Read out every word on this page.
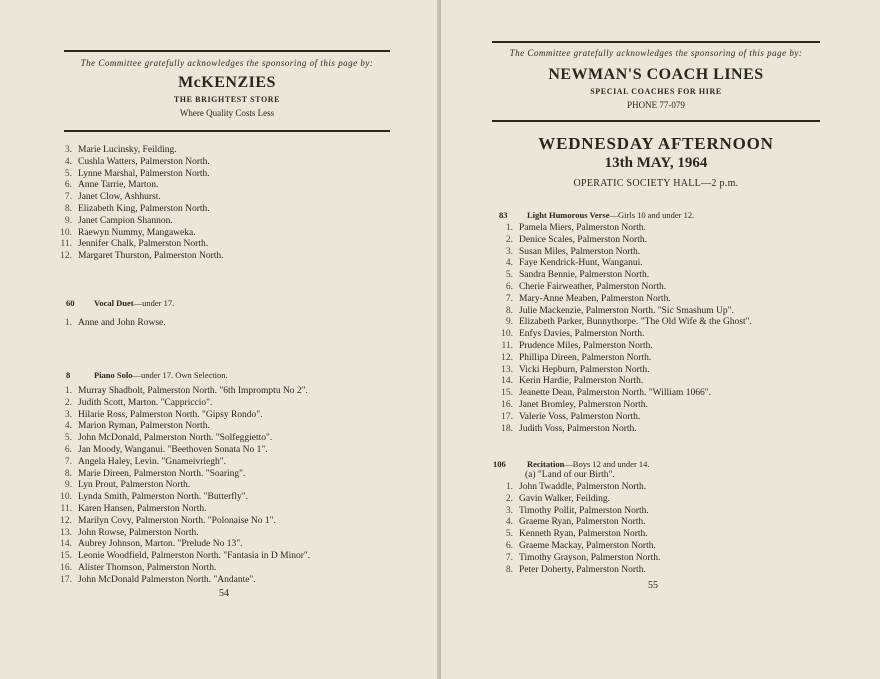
The Committee gratefully acknowledges the sponsoring of this page by:
McKENZIES
THE BRIGHTEST STORE
Where Quality Costs Less
3. Marie Lucinsky, Feilding.
4. Cushla Watters, Palmerston North.
5. Lynne Marshal, Palmerston North.
6. Anne Tarrie, Marton.
7. Janet Clow, Ashhurst.
8. Elizabeth King, Palmerston North.
9. Janet Campion Shannon.
10. Raewyn Nummy, Mangaweka.
11. Jennifer Chalk, Palmerston North.
12. Margaret Thurston, Palmerston North.
60 Vocal Duet—under 17.
1. Anne and John Rowse.
8	Piano Solo—under 17. Own Selection.
1. Murray Shadbolt, Palmerston North. "6th Impromptu No 2".
2. Judith Scott, Marton. "Cappriccio".
3. Hilarie Ross, Palmerston North. "Gipsy Rondo".
4. Marion Ryman, Palmerston North.
5. John McDonald, Palmerston North. "Solfeggietto".
6. Jan Moody, Wanganui. "Beethoven Sonata No 1".
7. Angela Haley, Levin. "Gnameivriegh".
8. Marie Direen, Palmerston North. "Soaring".
9. Lyn Prout, Palmerston North.
10. Lynda Smith, Palmerston North. "Butterfly".
11. Karen Hansen, Palmerston North.
12. Marilyn Covy, Palmerston North. "Polonaise No 1".
13. John Rowse, Palmerston North.
14. Aubrey Johnson, Marton. "Prelude No 13".
15. Leonie Woodfield, Palmerston North. "Fantasia in D Minor".
16. Alister Thomson, Palmerston North.
17. John McDonald Palmerston North. "Andante".
54
The Committee gratefully acknowledges the sponsoring of this page by:
NEWMAN'S COACH LINES
SPECIAL COACHES FOR HIRE
PHONE 77-079
WEDNESDAY AFTERNOON
13th MAY, 1964
OPERATIC SOCIETY HALL—2 p.m.
83 Light Humorous Verse—Girls 10 and under 12.
1. Pamela Miers, Palmerston North.
2. Denice Scales, Palmerston North.
3. Susan Miles, Palmerston North.
4. Faye Kendrick-Hunt, Wanganui.
5. Sandra Bennie, Palmerston North.
6. Cherie Fairweather, Palmerston North.
7. Mary-Anne Meaben, Palmerston North.
8. Julie Mackenzie, Palmerston North. "Sic Smashum Up".
9. Elizabeth Parker, Bunnythorpe. "The Old Wife & the Ghost".
10. Enfys Davies, Palmerston North.
11. Prudence Miles, Palmerston North.
12. Phillipa Direen, Palmerston North.
13. Vicki Hepburn, Palmerston North.
14. Kerin Hardie, Palmerston North.
15. Jeanette Dean, Palmerston North. "William 1066".
16. Janet Bromley, Palmerston North.
17. Valerie Voss, Palmerston North.
18. Judith Voss, Palmerston North.
106	Recitation—Boys 12 and under 14.
(a) "Land of our Birth".
1. John Twaddle, Palmerston North.
2. Gavin Walker, Feilding.
3. Timothy Pollit, Palmerston North.
4. Graeme Ryan, Palmerston North.
5. Kenneth Ryan, Palmerston North.
6. Graeme Mackay, Palmerston North.
7. Timothy Grayson, Palmerston North.
8. Peter Doherty, Palmerston North.
55
